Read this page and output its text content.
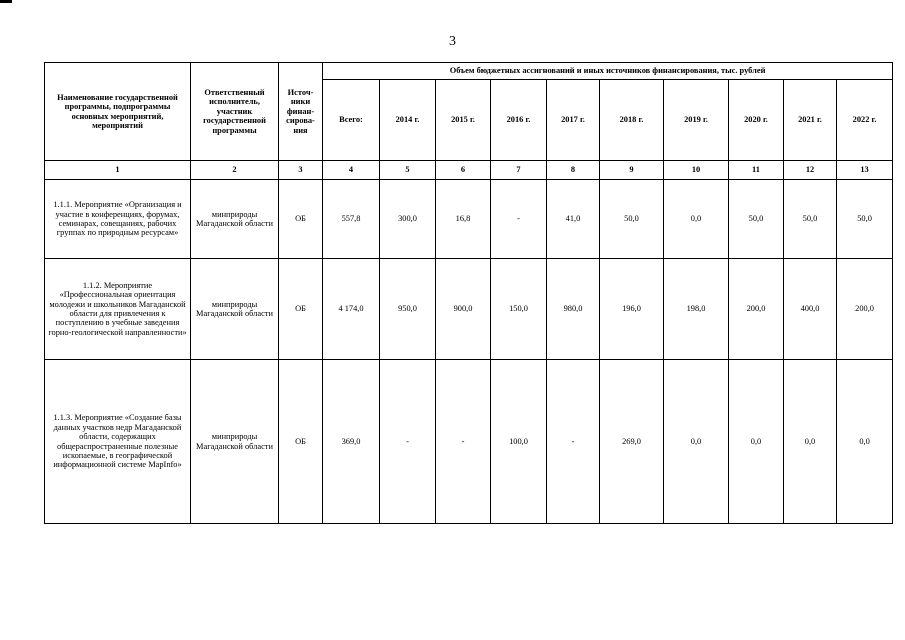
3
Наименование государственной программы, подпрограммы основных мероприятий, мероприятий	Ответственный исполнитель, участник государственной программы	Источ-ники финан-сирова-ния	Объем бюджетных ассигнований и иных источников финансирования, тыс. рублей									
			Всего:	2014 г.	2015 г.	2016 г.	2017 г.	2018 г.	2019 г.	2020 г.	2021 г.	2022 г.
1	2	3	4	5	6	7	8	9	10	11	12	13
1.1.1. Мероприятие «Организация и участие в конференциях, форумах, семинарах, совещаниях, рабочих группах по природным ресурсам»	минприроды Магаданской области	ОБ	557,8	300,0	16,8	-	41,0	50,0	0,0	50,0	50,0	50,0
1.1.2. Мероприятие «Профессиональная ориентация молодежи и школьников Магаданской области для привлечения к поступлению в учебные заведения горно-геологической направленности»	минприроды Магаданской области	ОБ	4 174,0	950,0	900,0	150,0	980,0	196,0	198,0	200,0	400,0	200,0
1.1.3. Мероприятие «Создание базы данных участков недр Магаданской области, содержащих общераспространенные полезные ископаемые, в географической информационной системе MapInfo»	минприроды Магаданской области	ОБ	369,0	-	-	100,0	-	269,0	0,0	0,0	0,0	0,0
